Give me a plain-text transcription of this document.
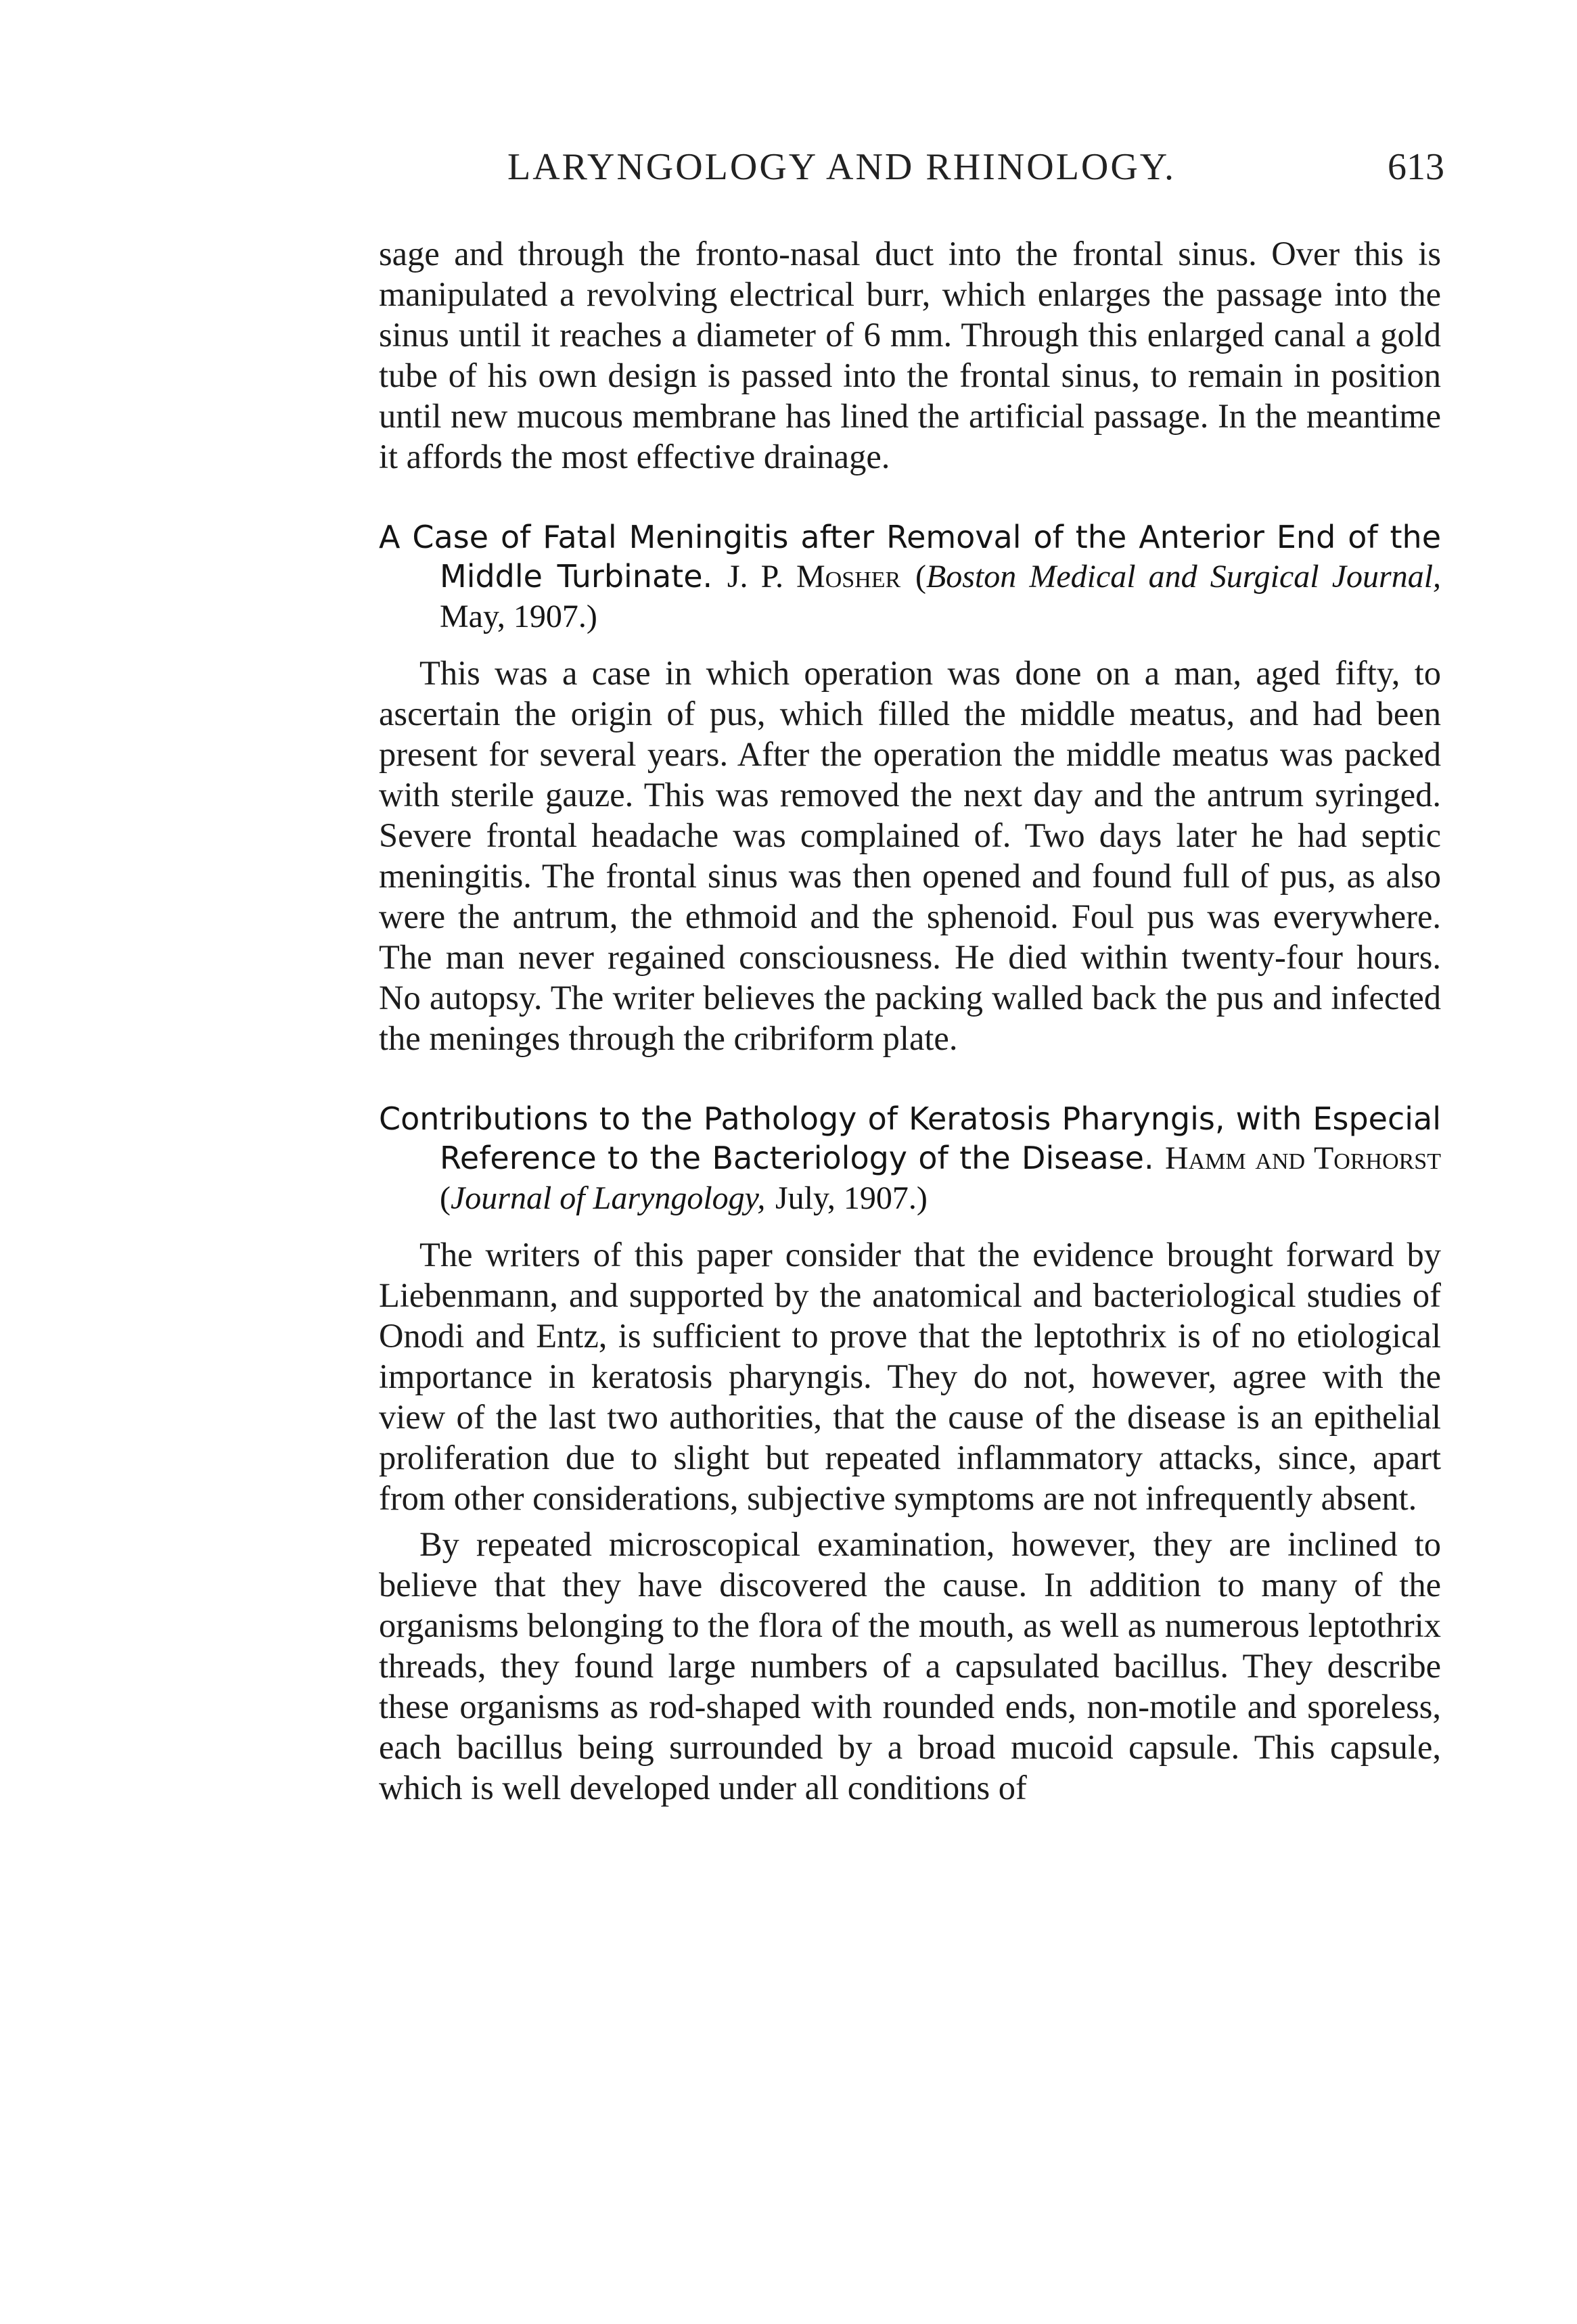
LARYNGOLOGY AND RHINOLOGY.	613

sage and through the fronto-nasal duct into the frontal sinus. Over this is manipulated a revolving electrical burr, which enlarges the passage into the sinus until it reaches a diameter of 6 mm. Through this enlarged canal a gold tube of his own design is passed into the frontal sinus, to remain in position until new mucous membrane has lined the artificial passage. In the meantime it affords the most effective drainage.

A Case of Fatal Meningitis after Removal of the Anterior End of the Middle Turbinate. J. P. Mosher (Boston Medical and Surgical Journal, May, 1907.)

This was a case in which operation was done on a man, aged fifty, to ascertain the origin of pus, which filled the middle meatus, and had been present for several years. After the operation the middle meatus was packed with sterile gauze. This was removed the next day and the antrum syringed. Severe frontal headache was complained of. Two days later he had septic meningitis. The frontal sinus was then opened and found full of pus, as also were the antrum, the ethmoid and the sphenoid. Foul pus was everywhere. The man never regained consciousness. He died within twenty-four hours. No autopsy. The writer believes the packing walled back the pus and infected the meninges through the cribriform plate.

Contributions to the Pathology of Keratosis Pharyngis, with Especial Reference to the Bacteriology of the Disease. Hamm and Torhorst (Journal of Laryngology, July, 1907.)

The writers of this paper consider that the evidence brought forward by Liebenmann, and supported by the anatomical and bacteriological studies of Onodi and Entz, is sufficient to prove that the leptothrix is of no etiological importance in keratosis pharyngis. They do not, however, agree with the view of the last two authorities, that the cause of the disease is an epithelial proliferation due to slight but repeated inflammatory attacks, since, apart from other considerations, subjective symptoms are not infrequently absent.

By repeated microscopical examination, however, they are inclined to believe that they have discovered the cause. In addition to many of the organisms belonging to the flora of the mouth, as well as numerous leptothrix threads, they found large numbers of a capsulated bacillus. They describe these organisms as rod-shaped with rounded ends, non-motile and sporeless, each bacillus being surrounded by a broad mucoid capsule. This capsule, which is well developed under all conditions of
